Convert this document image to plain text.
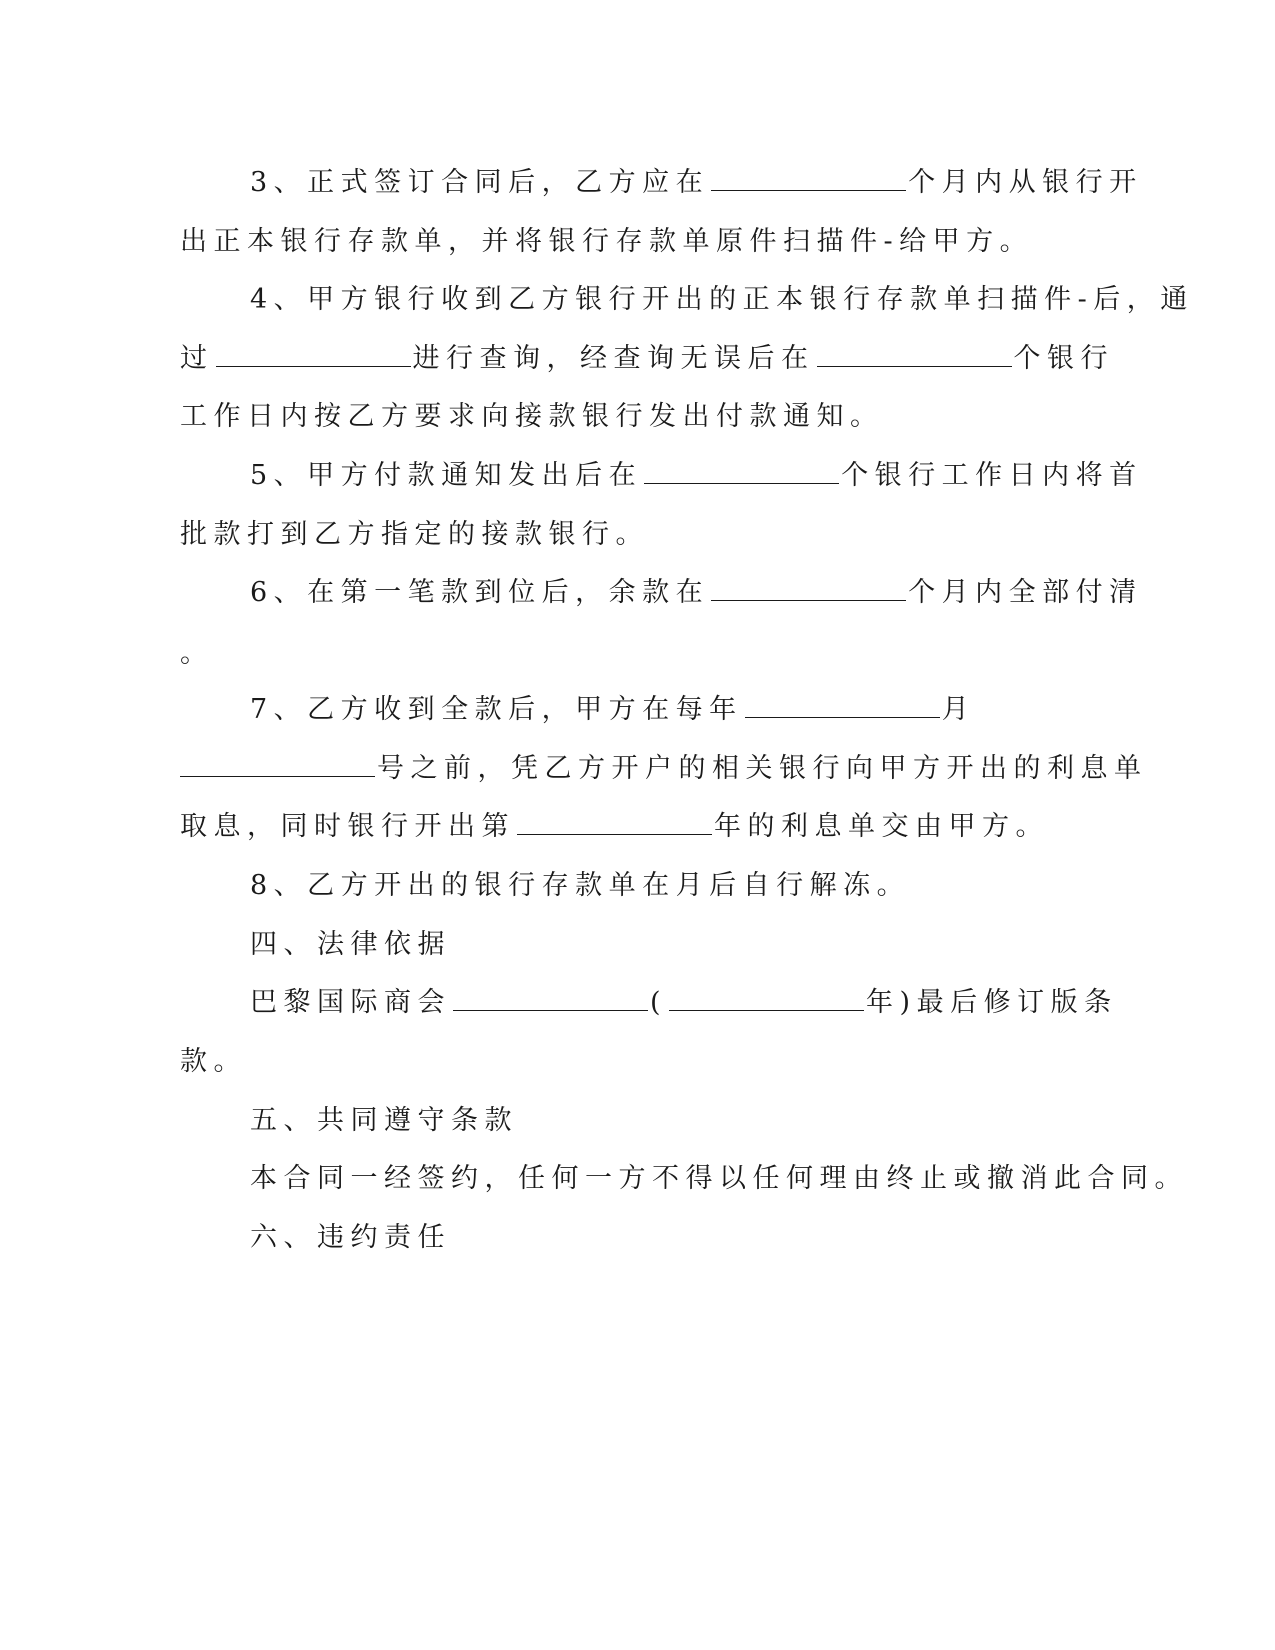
3、正式签订合同后，乙方应在	个月内从银行开
出正本银行存款单，并将银行存款单原件扫描件-给甲方。
4、甲方银行收到乙方银行开出的正本银行存款单扫描件-后，通
过	进行查询，经查询无误后在	个银行
工作日内按乙方要求向接款银行发出付款通知。
5、甲方付款通知发出后在	个银行工作日内将首
批款打到乙方指定的接款银行。
6、在第一笔款到位后，余款在	个月内全部付清
。
7、乙方收到全款后，甲方在每年	月
号之前，凭乙方开户的相关银行向甲方开出的利息单
取息，同时银行开出第	年的利息单交由甲方。
8、乙方开出的银行存款单在月后自行解冻。
四、法律依据
巴黎国际商会	(	年)最后修订版条
款。
五、共同遵守条款
本合同一经签约，任何一方不得以任何理由终止或撤消此合同。
六、违约责任
